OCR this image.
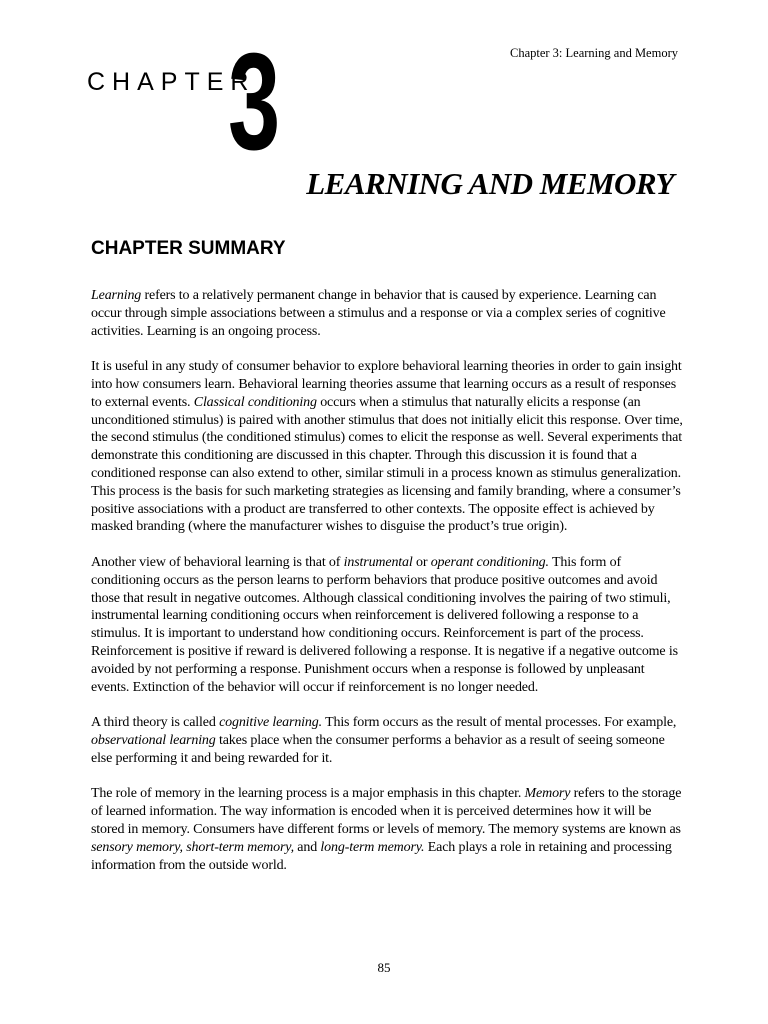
Chapter 3: Learning and Memory
CHAPTER
3
LEARNING AND MEMORY
CHAPTER SUMMARY

Learning refers to a relatively permanent change in behavior that is caused by experience. Learning can occur through simple associations between a stimulus and a response or via a complex series of cognitive activities. Learning is an ongoing process.

It is useful in any study of consumer behavior to explore behavioral learning theories in order to gain insight into how consumers learn. Behavioral learning theories assume that learning occurs as a result of responses to external events. Classical conditioning occurs when a stimulus that naturally elicits a response (an unconditioned stimulus) is paired with another stimulus that does not initially elicit this response. Over time, the second stimulus (the conditioned stimulus) comes to elicit the response as well. Several experiments that demonstrate this conditioning are discussed in this chapter. Through this discussion it is found that a conditioned response can also extend to other, similar stimuli in a process known as stimulus generalization. This process is the basis for such marketing strategies as licensing and family branding, where a consumer’s positive associations with a product are transferred to other contexts. The opposite effect is achieved by masked branding (where the manufacturer wishes to disguise the product’s true origin).

Another view of behavioral learning is that of instrumental or operant conditioning. This form of conditioning occurs as the person learns to perform behaviors that produce positive outcomes and avoid those that result in negative outcomes. Although classical conditioning involves the pairing of two stimuli, instrumental learning conditioning occurs when reinforcement is delivered following a response to a stimulus. It is important to understand how conditioning occurs. Reinforcement is part of the process. Reinforcement is positive if reward is delivered following a response. It is negative if a negative outcome is avoided by not performing a response. Punishment occurs when a response is followed by unpleasant events. Extinction of the behavior will occur if reinforcement is no longer needed.

A third theory is called cognitive learning. This form occurs as the result of mental processes. For example, observational learning takes place when the consumer performs a behavior as a result of seeing someone else performing it and being rewarded for it.

The role of memory in the learning process is a major emphasis in this chapter. Memory refers to the storage of learned information. The way information is encoded when it is perceived determines how it will be stored in memory. Consumers have different forms or levels of memory. The memory systems are known as sensory memory, short-term memory, and long-term memory. Each plays a role in retaining and processing information from the outside world.

85
